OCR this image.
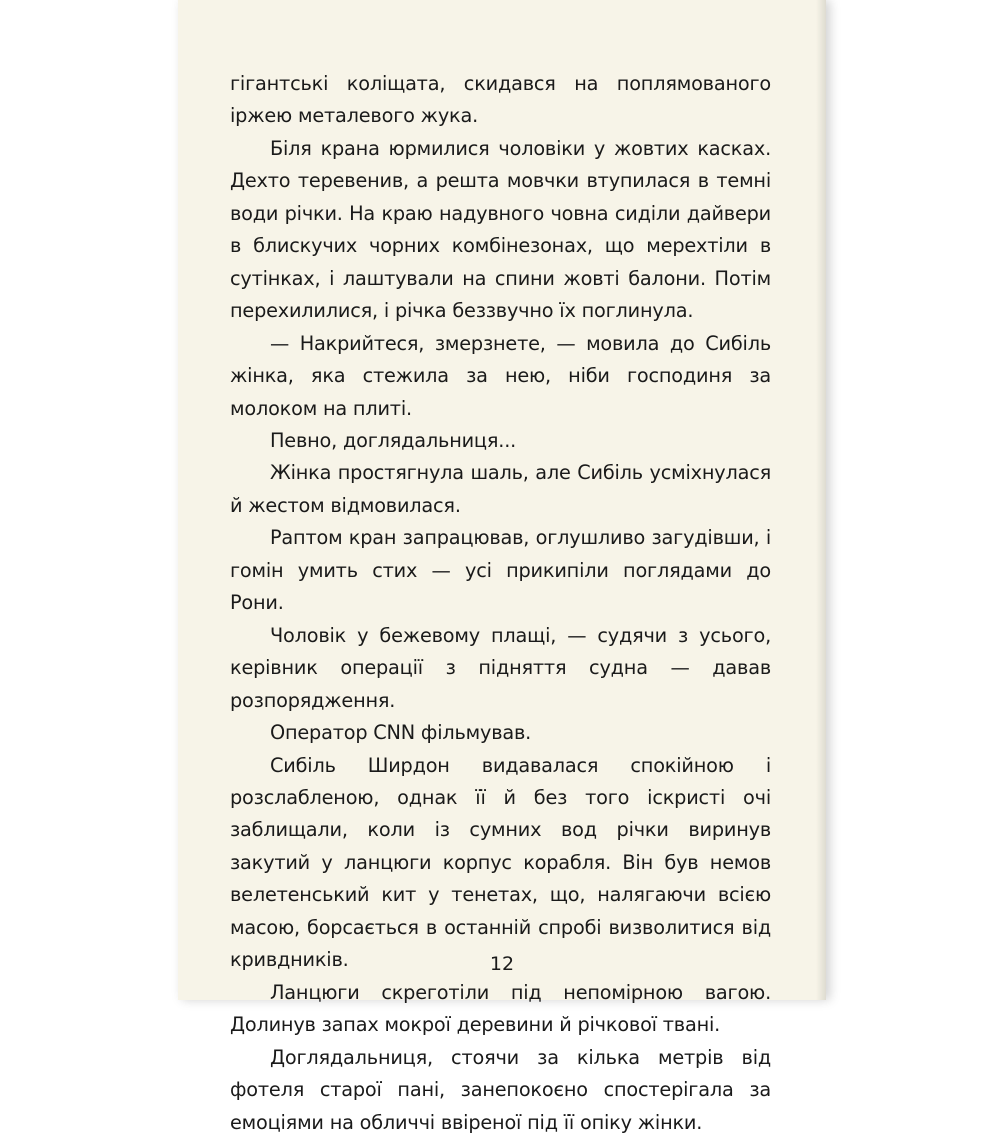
гігантські коліщата, скидався на поплямованого іржею металевого жука.

Біля крана юрмилися чоловіки у жовтих касках. Дехто теревенив, а решта мовчки втупилася в темні води річки. На краю надувного човна сиділи дайвери в блискучих чорних комбінезонах, що мерехтіли в сутінках, і лаштували на спини жовті балони. Потім перехилилися, і річка беззвучно їх поглинула.

— Накрийтеся, змерзнете, — мовила до Сибіль жінка, яка стежила за нею, ніби господиня за молоком на плиті.

Певно, доглядальниця...

Жінка простягнула шаль, але Сибіль усміхнулася й жестом відмовилася.

Раптом кран запрацював, оглушливо загудівши, і гомін умить стих — усі прикипіли поглядами до Рони.

Чоловік у бежевому плащі, — судячи з усього, керівник операції з підняття судна — давав розпорядження.

Оператор CNN фільмував.

Сибіль Ширдон видавалася спокійною і розслабленою, однак її й без того іскристі очі заблищали, коли із сумних вод річки виринув закутий у ланцюги корпус корабля. Він був немов велетенський кит у тенетах, що, налягаючи всією масою, борсається в останній спробі визволитися від кривдників.

Ланцюги скреготіли під непомірною вагою. Долинув запах мокрої деревини й річкової твані.

Доглядальниця, стоячи за кілька метрів від фотеля старої пані, занепокоєно спостерігала за емоціями на обличчі ввіреної під її опіку жінки.

12
